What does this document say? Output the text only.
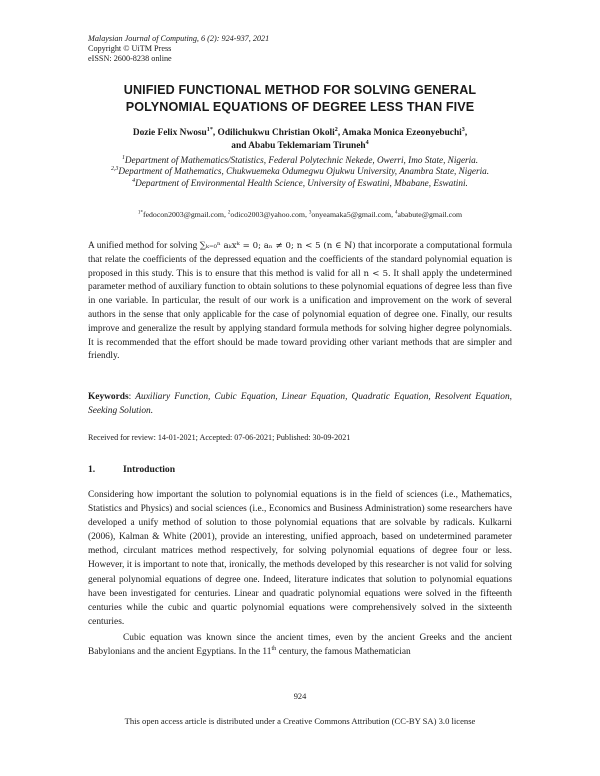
Malaysian Journal of Computing, 6 (2): 924-937, 2021
Copyright © UiTM Press
eISSN: 2600-8238 online
UNIFIED FUNCTIONAL METHOD FOR SOLVING GENERAL
POLYNOMIAL EQUATIONS OF DEGREE LESS THAN FIVE
Dozie Felix Nwosu$^{1*}$, Odilichukwu Christian Okoli$^2$, Amaka Monica Ezeonyebuchi$^3$,
and Ababu Teklemariam Tiruneh$^4$
$^1$Department of Mathematics/Statistics, Federal Polytechnic Nekede, Owerri, Imo State, Nigeria.
$^{2,3}$Department of Mathematics, Chukwuemeka Odumegwu Ojukwu University, Anambra State, Nigeria.
$^4$Department of Environmental Health Science, University of Eswatini, Mbabane, Eswatini.
$^{1*}$fedocon2003@gmail.com, $^2$odico2003@yahoo.com, $^3$onyeamaka5@gmail.com, $^4$ababute@gmail.com

A unified method for solving ∑ₖ₌₀ⁿ aₖxᵏ = 0; aₙ ≠ 0; n < 5 (n ∈ ℕ) that incorporate a computational formula that relate the coefficients of the depressed equation and the coefficients of the standard polynomial equation is proposed in this study. This is to ensure that this method is valid for all n < 5. It shall apply the undetermined parameter method of auxiliary function to obtain solutions to these polynomial equations of degree less than five in one variable. In particular, the result of our work is a unification and improvement on the work of several authors in the sense that only applicable for the case of polynomial equation of degree one. Finally, our results improve and generalize the result by applying standard formula methods for solving higher degree polynomials. It is recommended that the effort should be made toward providing other variant methods that are simpler and friendly.

Keywords: Auxiliary Function, Cubic Equation, Linear Equation, Quadratic Equation, Resolvent Equation, Seeking Solution.
Received for review: 14-01-2021; Accepted: 07-06-2021; Published: 30-09-2021
1.	Introduction

Considering how important the solution to polynomial equations is in the field of sciences (i.e., Mathematics, Statistics and Physics) and social sciences (i.e., Economics and Business Administration) some researchers have developed a unify method of solution to those polynomial equations that are solvable by radicals. Kulkarni (2006), Kalman & White (2001), provide an interesting, unified approach, based on undetermined parameter method, circulant matrices method respectively, for solving polynomial equations of degree four or less. However, it is important to note that, ironically, the methods developed by this researcher is not valid for solving general polynomial equations of degree one. Indeed, literature indicates that solution to polynomial equations have been investigated for centuries. Linear and quadratic polynomial equations were solved in the fifteenth centuries while the cubic and quartic polynomial equations were comprehensively solved in the sixteenth centuries.

Cubic equation was known since the ancient times, even by the ancient Greeks and the ancient Babylonians and the ancient Egyptians. In the 11th century, the famous Mathematician

924
This open access article is distributed under a Creative Commons Attribution (CC-BY SA) 3.0 license
